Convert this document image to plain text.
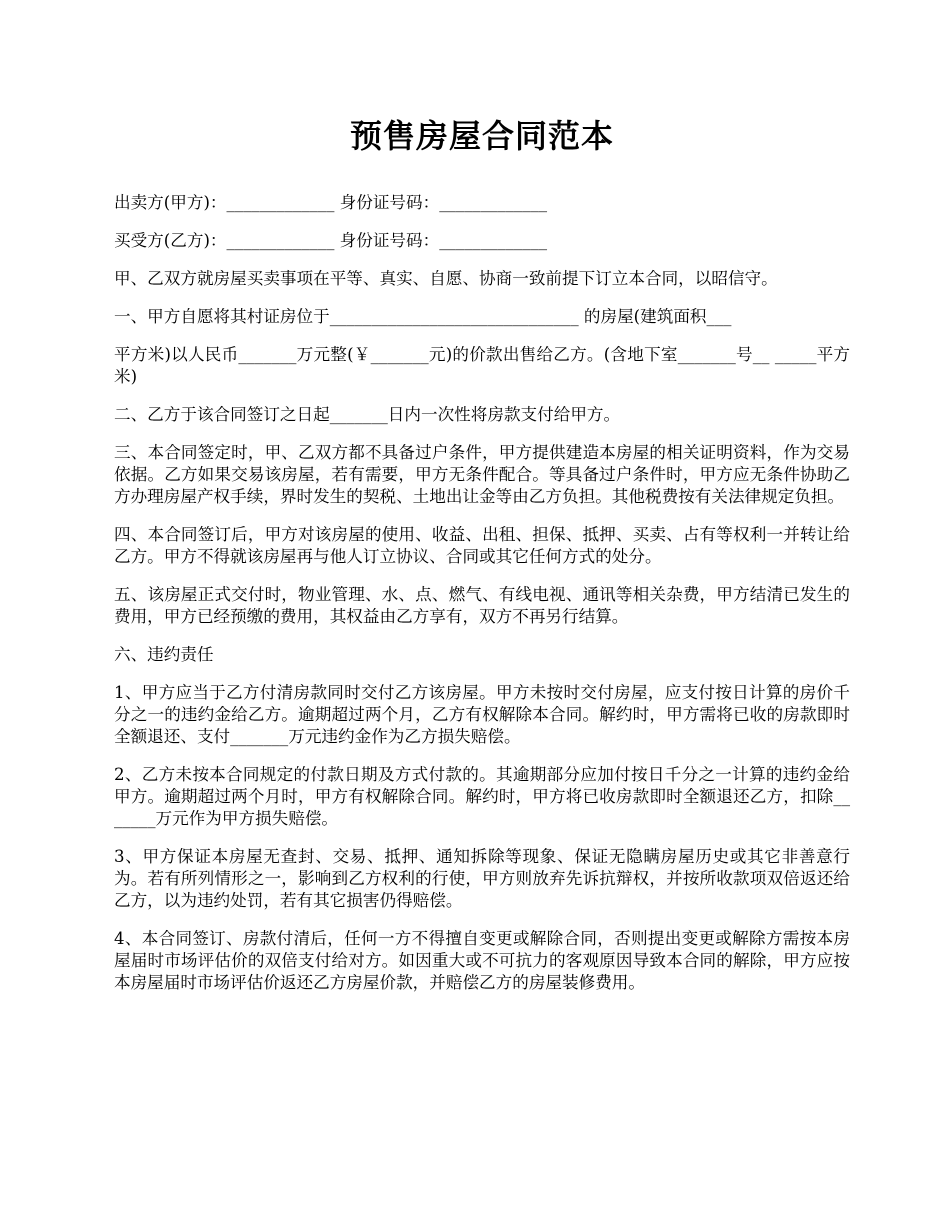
预售房屋合同范本

出卖方(甲方)：_____________ 身份证号码：_____________

买受方(乙方)：_____________ 身份证号码：_____________

甲、乙双方就房屋买卖事项在平等、真实、自愿、协商一致前提下订立本合同，以昭信守。

一、甲方自愿将其村证房位于______________________________ 的房屋(建筑面积___

平方米)以人民币_______万元整(￥_______元)的价款出售给乙方。(含地下室_______号__ _____平方米)

二、乙方于该合同签订之日起_______日内一次性将房款支付给甲方。

三、本合同签定时，甲、乙双方都不具备过户条件，甲方提供建造本房屋的相关证明资料，作为交易依据。乙方如果交易该房屋，若有需要，甲方无条件配合。等具备过户条件时，甲方应无条件协助乙方办理房屋产权手续，界时发生的契税、土地出让金等由乙方负担。其他税费按有关法律规定负担。

四、本合同签订后，甲方对该房屋的使用、收益、出租、担保、抵押、买卖、占有等权利一并转让给乙方。甲方不得就该房屋再与他人订立协议、合同或其它任何方式的处分。

五、该房屋正式交付时，物业管理、水、点、燃气、有线电视、通讯等相关杂费，甲方结清已发生的费用，甲方已经预缴的费用，其权益由乙方享有，双方不再另行结算。

六、违约责任

1、甲方应当于乙方付清房款同时交付乙方该房屋。甲方未按时交付房屋，应支付按日计算的房价千分之一的违约金给乙方。逾期超过两个月，乙方有权解除本合同。解约时，甲方需将已收的房款即时全额退还、支付_______万元违约金作为乙方损失赔偿。

2、乙方未按本合同规定的付款日期及方式付款的。其逾期部分应加付按日千分之一计算的违约金给甲方。逾期超过两个月时，甲方有权解除合同。解约时，甲方将已收房款即时全额退还乙方，扣除_______万元作为甲方损失赔偿。

3、甲方保证本房屋无查封、交易、抵押、通知拆除等现象、保证无隐瞒房屋历史或其它非善意行为。若有所列情形之一，影响到乙方权利的行使，甲方则放弃先诉抗辩权，并按所收款项双倍返还给乙方，以为违约处罚，若有其它损害仍得赔偿。

4、本合同签订、房款付清后，任何一方不得擅自变更或解除合同，否则提出变更或解除方需按本房屋届时市场评估价的双倍支付给对方。如因重大或不可抗力的客观原因导致本合同的解除，甲方应按本房屋届时市场评估价返还乙方房屋价款，并赔偿乙方的房屋装修费用。
